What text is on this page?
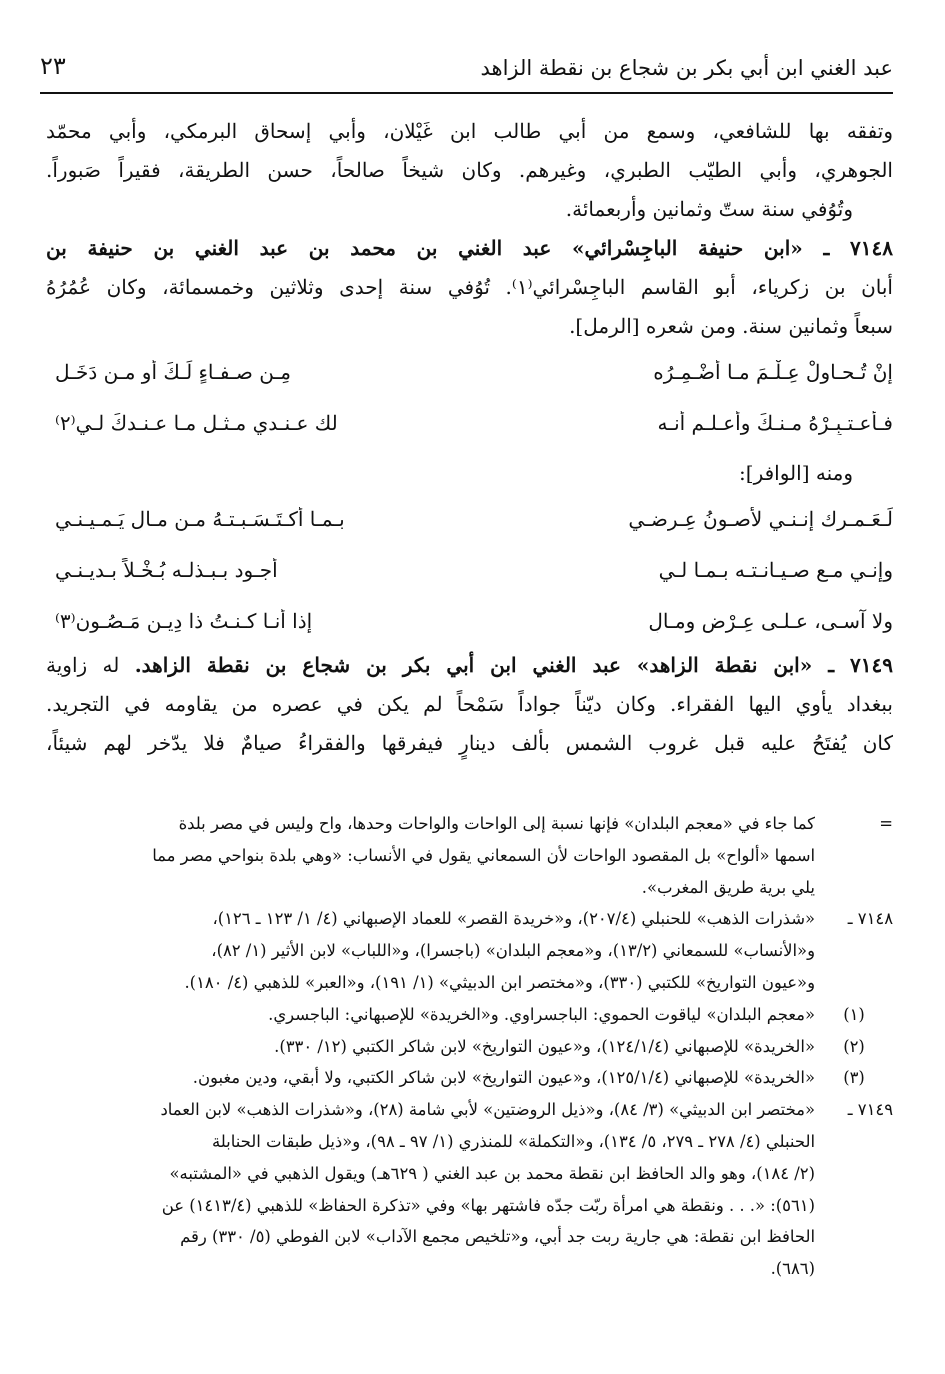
عبد الغني ابن أبي بكر بن شجاع بن نقطة الزاهد
٢٣
وتفقه بها للشافعي، وسمع من أبي طالب ابن غَيْلان، وأبي إسحاق البرمكي، وأبي محمّد
الجوهري، وأبي الطيّب الطبري، وغيرهم. وكان شيخاً صالحاً، حسن الطريقة، فقيراً صَبوراً.
وتُوُفي سنة ستّ وثمانين وأربعمائة.
٧١٤٨ ـ «ابن حنيفة الباجِسْرائي» عبد الغني بن محمد بن عبد الغني بن حنيفة بن
أبان بن زكرياء، أبو القاسم الباجِسْرائي⁽١⁾. تُوُفي سنة إحدى وثلاثين وخمسمائة، وكان عُمُرُهُ
سبعاً وثمانين سنة. ومن شعره [الرمل].
إنْ تُـحـاوِلْ عِـلْـمَ مـا أُضْـمِـرُه
مِـن صـفـاءٍ لَـكَ أو مـن دَخَـلِ
فـأعـتـبِـرْهُ مـنـكَ وأعـلـم أنـه
لك عـنـدي مـثـل مـا عـنـدكَ لـي⁽٢⁾
ومنه [الوافر]:
لَـعَـمـرك إنـنـي لأصـونُ عِـرضـي
بـمـا أكـتَـسَـبـتـهُ مـن مـالِ يَـمـيـنـي
وإنـي مـع صـيـانـتـه بـمـا لـي
أجـود بـبـذلـه بُـخْـلاً بـديـنـي
ولا آسـى، عـلـى عِـرْضٍ ومـالٍ
إذا أنـا كـنـتُ ذا دِيـنٍ مَـصُـونِ⁽٣⁾
٧١٤٩ ـ «ابن نقطة الزاهد» عبد الغني ابن أبي بكر بن شجاع بن نقطة الزاهد. له زاوية
ببغداد يأوي اليها الفقراء. وكان ديّناً جواداً سَمْحاً لم يكن في عصره من يقاومه في التجريد.
كان يُفتَحُ عليه قبل غروب الشمس بألف دينارٍ فيفرقها والفقراءُ صيامٌ فلا يدّخر لهم شيئاً،
=
كما جاء في «معجم البلدان» فإنها نسبة إلى الواحات والواحات وحدها، واح وليس في مصر بلدة
اسمها «ألواح» بل المقصود الواحات لأن السمعاني يقول في الأنساب: «وهي بلدة بنواحي مصر مما
يلي برية طريق المغرب».
٧١٤٨ ـ
«شذرات الذهب» للحنبلي (٢٠٧/٤)، و«خريدة القصر» للعماد الإصبهاني (٤/ ١/ ١٢٣ ـ ١٢٦)،
و«الأنساب» للسمعاني (١٣/٢)، و«معجم البلدان» (باجسرا)، و«اللباب» لابن الأثير (١/ ٨٢)،
و«عيون التواريخ» للكتبي (٣٣٠)، و«مختصر ابن الدبيثي» (١/ ١٩١)، و«العبر» للذهبي (٤/ ١٨٠).
(١)
«معجم البلدان» لياقوت الحموي: الباجسراوي. و«الخريدة» للإصبهاني: الباجسري.
(٢)
«الخريدة» للإصبهاني (١٢٤/١/٤)، و«عيون التواريخ» لابن شاكر الكتبي (١٢/ ٣٣٠).
(٣)
«الخريدة» للإصبهاني (١٢٥/١/٤)، و«عيون التواريخ» لابن شاكر الكتبي، ولا أبقي، ودين مغبون.
٧١٤٩ ـ
«مختصر ابن الدبيثي» (٣/ ٨٤)، و«ذيل الروضتين» لأبي شامة (٢٨)، و«شذرات الذهب» لابن العماد
الحنبلي (٤/ ٢٧٨ ـ ٢٧٩، ٥/ ١٣٤)، و«التكملة» للمنذري (١/ ٩٧ ـ ٩٨)، و«ذيل طبقات الحنابلة
(٢/ ١٨٤)، وهو والد الحافظ ابن نقطة محمد بن عبد الغني ( ٦٢٩هـ) ويقول الذهبي في «المشتبه»
(٥٦١): «. . . ونقطة هي امرأة ربّت جدّه فاشتهر بها» وفي «تذكرة الحفاظ» للذهبي (١٤١٣/٤) عن
الحافظ ابن نقطة: هي جارية ربت جد أبي، و«تلخيص مجمع الآداب» لابن الفوطي (٥/ ٣٣٠) رقم
(٦٨٦).
